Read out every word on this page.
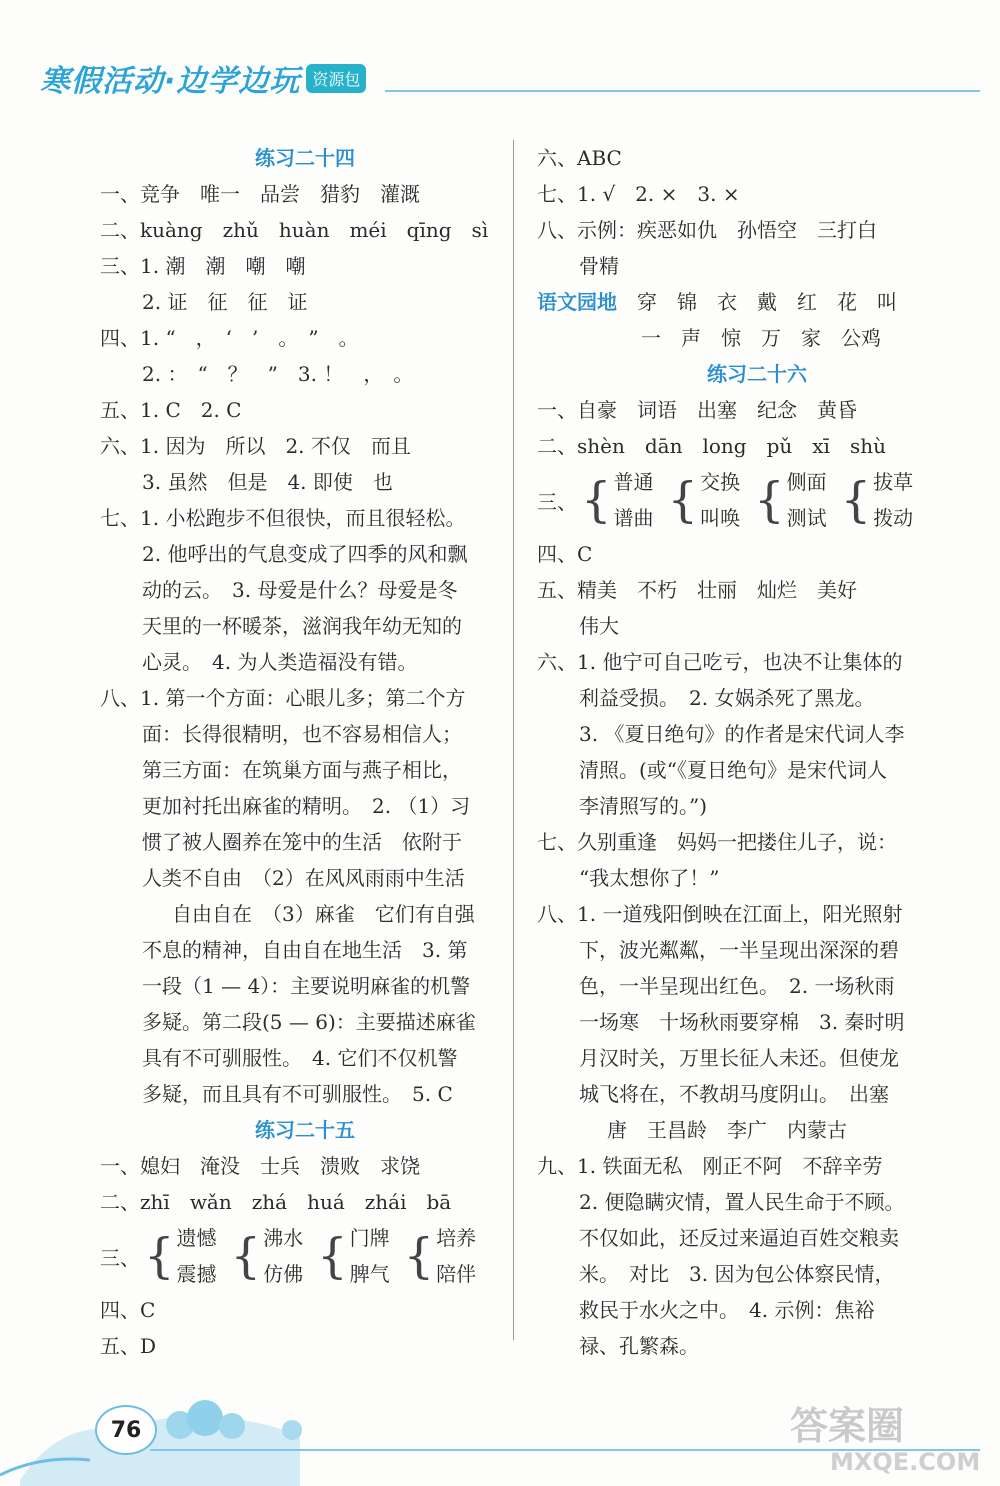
寒假活动·边学边玩 资源包
练习二十四
一、竞争　唯一　品尝　猎豹　灌溉
二、kuàng　zhǔ　huàn　méi　qīng　sì
三、1. 潮　潮　嘲　嘲
2. 证　征　征　证
四、1. “　，　‘　’　。　”　。
2. ：　“　？　”　3. ！　，　。
五、1. C　2. C
六、1. 因为　所以　2. 不仅　而且
3. 虽然　但是　4. 即使　也
七、1. 小松跑步不但很快，而且很轻松。
2. 他呼出的气息变成了四季的风和飘
动的云。　3. 母爱是什么？母爱是冬
天里的一杯暖茶，滋润我年幼无知的
心灵。　4. 为人类造福没有错。
八、1. 第一个方面：心眼儿多；第二个方
面：长得很精明，也不容易相信人；
第三方面：在筑巢方面与燕子相比，
更加衬托出麻雀的精明。　2. （1）习
惯了被人圈养在笼中的生活　依附于
人类不自由　（2）在风风雨雨中生活
自由自在　（3）麻雀　它们有自强
不息的精神，自由自在地生活　3. 第
一段（1 — 4）：主要说明麻雀的机警
多疑。第二段(5 — 6)：主要描述麻雀
具有不可驯服性。　4. 它们不仅机警
多疑，而且具有不可驯服性。　5. C
练习二十五
一、媳妇　淹没　士兵　溃败　求饶
二、zhī　wǎn　zhá　huá　zhái　bā
三、 { 遗憾
震撼 { 沸水
仿佛 { 门牌
脾气 { 培养
陪伴
四、C
五、D
六、ABC
七、1. √　2. ×　3. ×
八、示例：疾恶如仇　孙悟空　三打白
骨精
语文园地　穿　锦　衣　戴　红　花　叫
一　声　惊　万　家　公鸡
练习二十六
一、自豪　词语　出塞　纪念　黄昏
二、shèn　dān　long　pǔ　xī　shù
三、 { 普通
谱曲 { 交换
叫唤 { 侧面
测试 { 拔草
拨动
四、C
五、精美　不朽　壮丽　灿烂　美好
伟大
六、1. 他宁可自己吃亏，也决不让集体的
利益受损。　2. 女娲杀死了黑龙。
3. 《夏日绝句》的作者是宋代词人李
清照。(或“《夏日绝句》是宋代词人
李清照写的。”)
七、久别重逢　妈妈一把搂住儿子，说：
“我太想你了！”
八、1. 一道残阳倒映在江面上，阳光照射
下，波光粼粼，一半呈现出深深的碧
色，一半呈现出红色。　2. 一场秋雨
一场寒　十场秋雨要穿棉　3. 秦时明
月汉时关，万里长征人未还。但使龙
城飞将在，不教胡马度阴山。　出塞
唐　王昌龄　李广　内蒙古
九、1. 铁面无私　刚正不阿　不辞辛劳
2. 便隐瞒灾情，置人民生命于不顾。
不仅如此，还反过来逼迫百姓交粮卖
米。　对比　3. 因为包公体察民情，
救民于水火之中。　4. 示例：焦裕
禄、孔繁森。
76	答案圈
MXQE.COM
